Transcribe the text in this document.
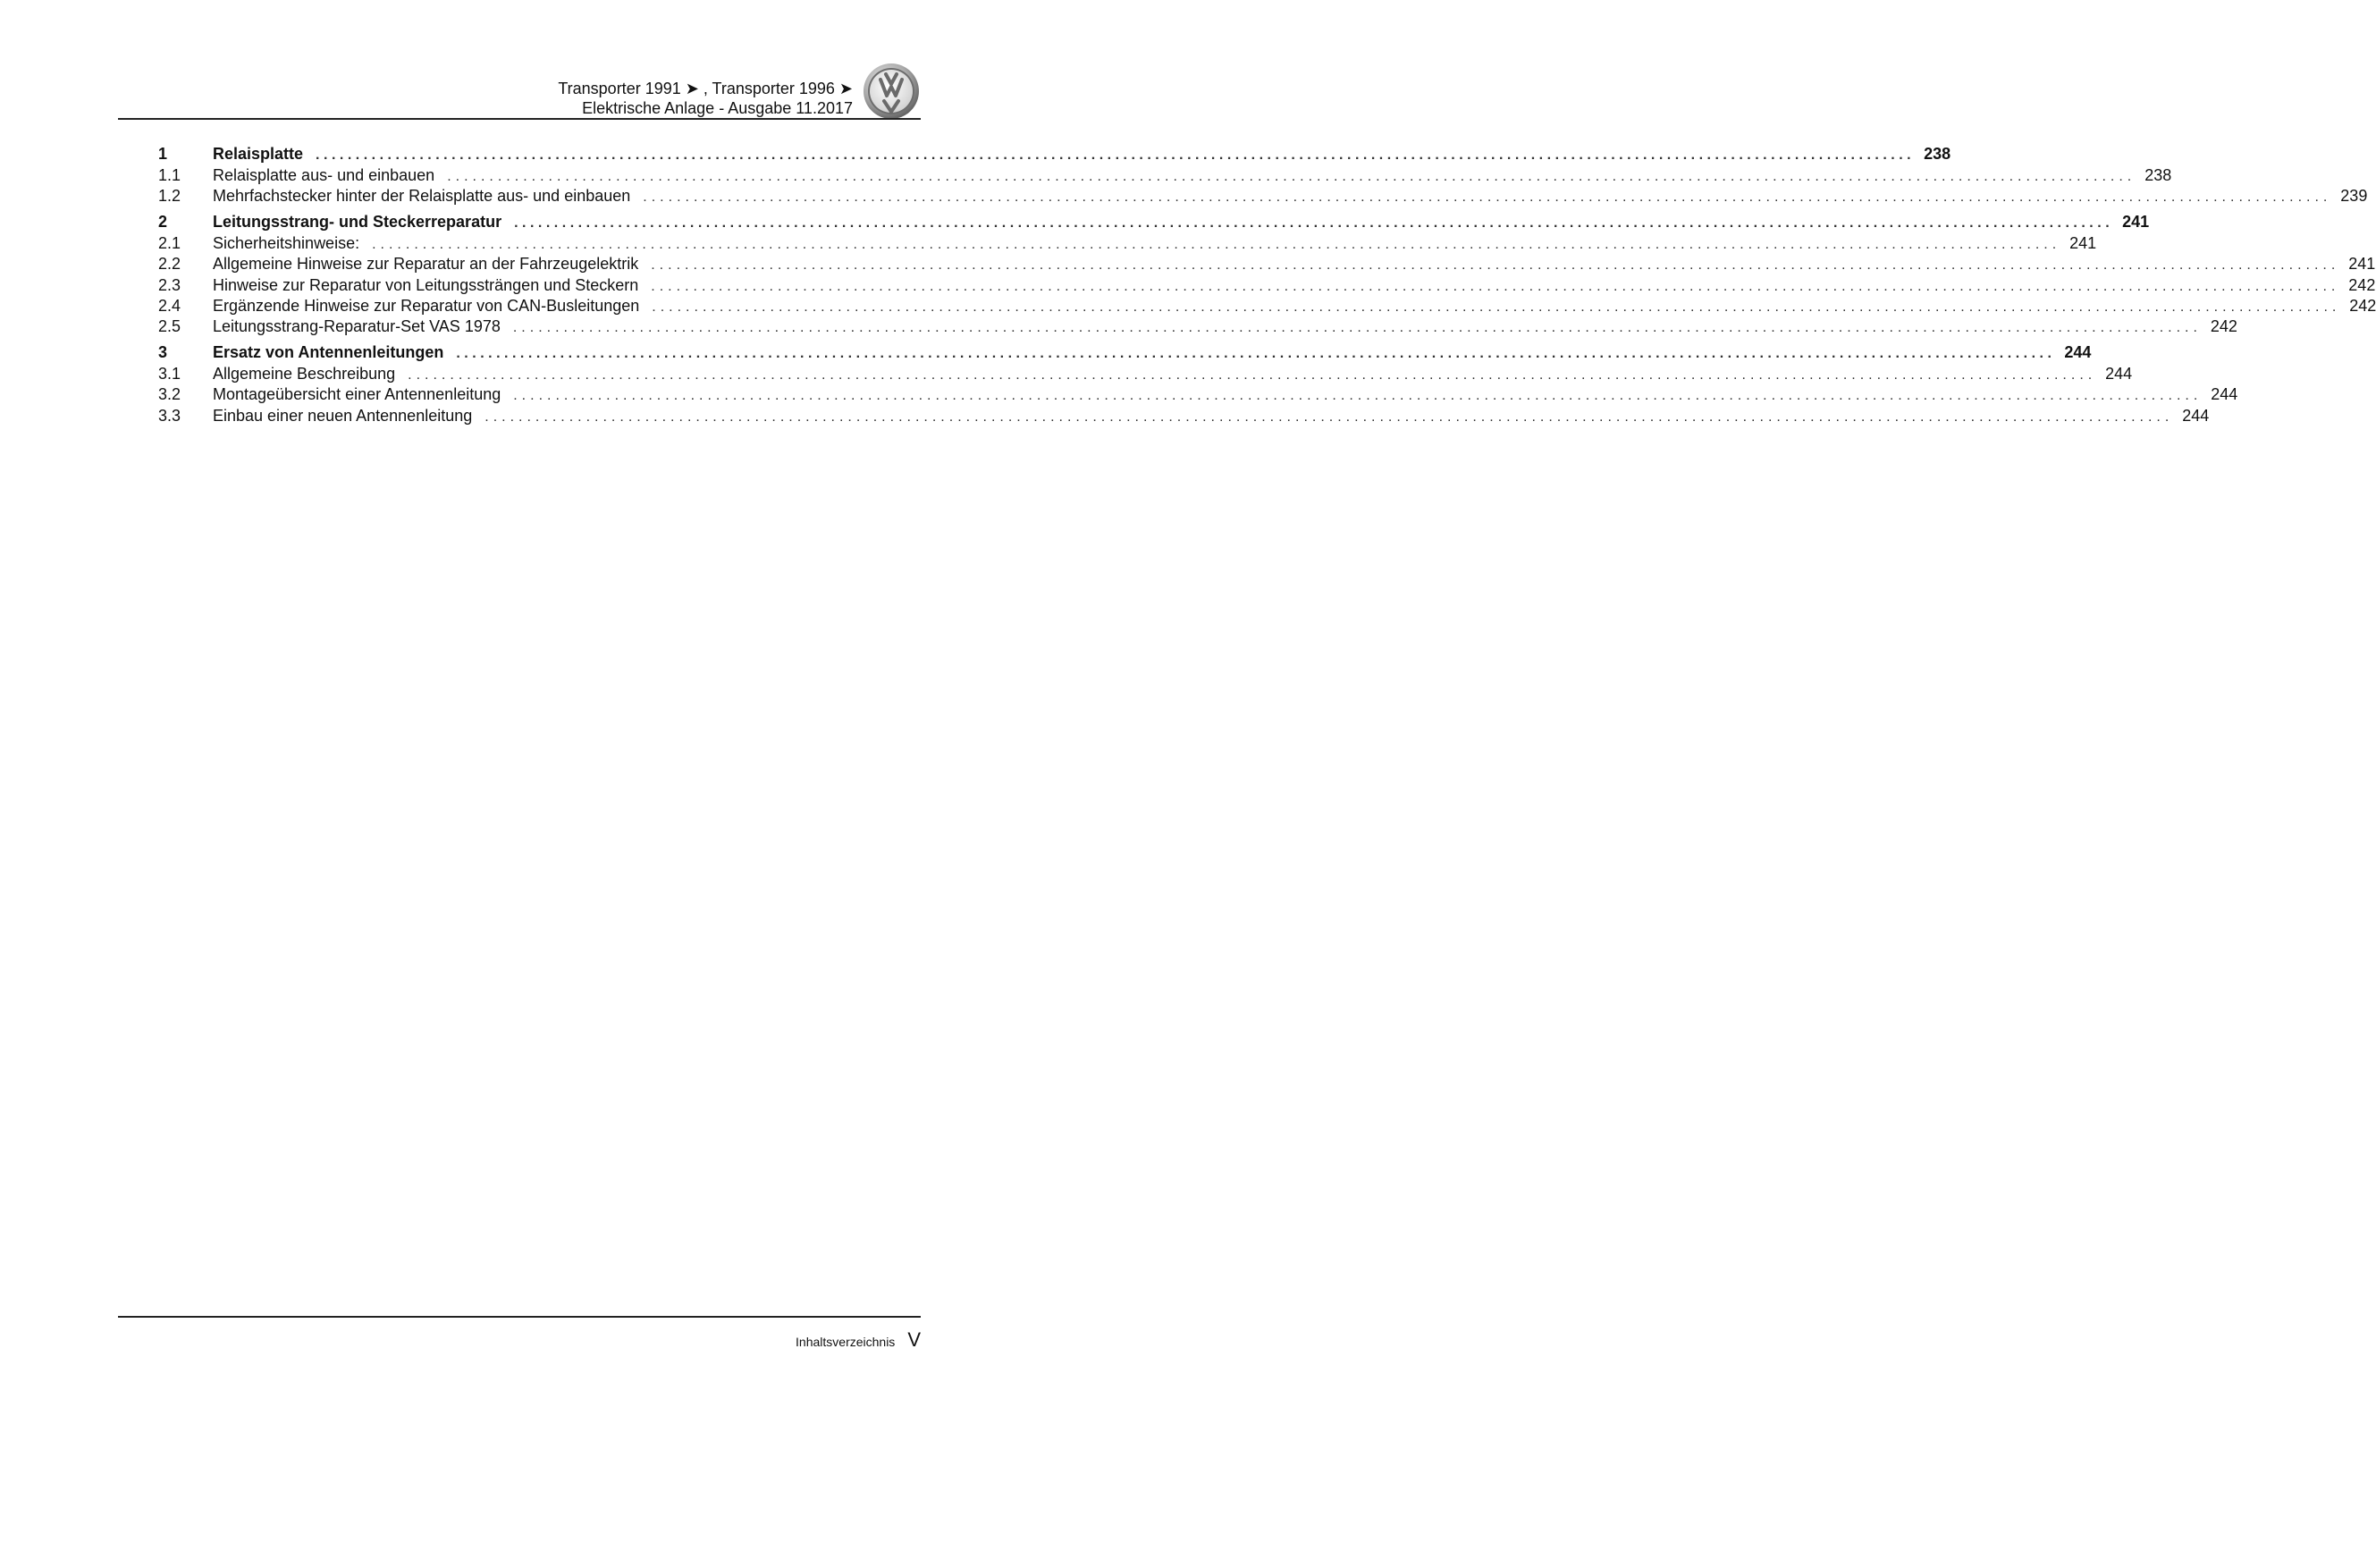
Transporter 1991 ➤ , Transporter 1996 ➤
Elektrische Anlage - Ausgabe 11.2017
1	Relaisplatte ........................................................................................................................................................................................................ 238
1.1	Relaisplatte aus- und einbauen ........................................................................................................................................................................................................ 238
1.2	Mehrfachstecker hinter der Relaisplatte aus- und einbauen ........................................................................................................................................................................................................ 239
2	Leitungsstrang- und Steckerreparatur ........................................................................................................................................................................................................ 241
2.1	Sicherheitshinweise: ........................................................................................................................................................................................................ 241
2.2	Allgemeine Hinweise zur Reparatur an der Fahrzeugelektrik ........................................................................................................................................................................................................ 241
2.3	Hinweise zur Reparatur von Leitungssträngen und Steckern ........................................................................................................................................................................................................ 242
2.4	Ergänzende Hinweise zur Reparatur von CAN-Busleitungen ........................................................................................................................................................................................................ 242
2.5	Leitungsstrang-Reparatur-Set VAS 1978 ........................................................................................................................................................................................................ 242
3	Ersatz von Antennenleitungen ........................................................................................................................................................................................................ 244
3.1	Allgemeine Beschreibung ........................................................................................................................................................................................................ 244
3.2	Montageübersicht einer Antennenleitung ........................................................................................................................................................................................................ 244
3.3	Einbau einer neuen Antennenleitung ........................................................................................................................................................................................................ 244
Inhaltsverzeichnis V
